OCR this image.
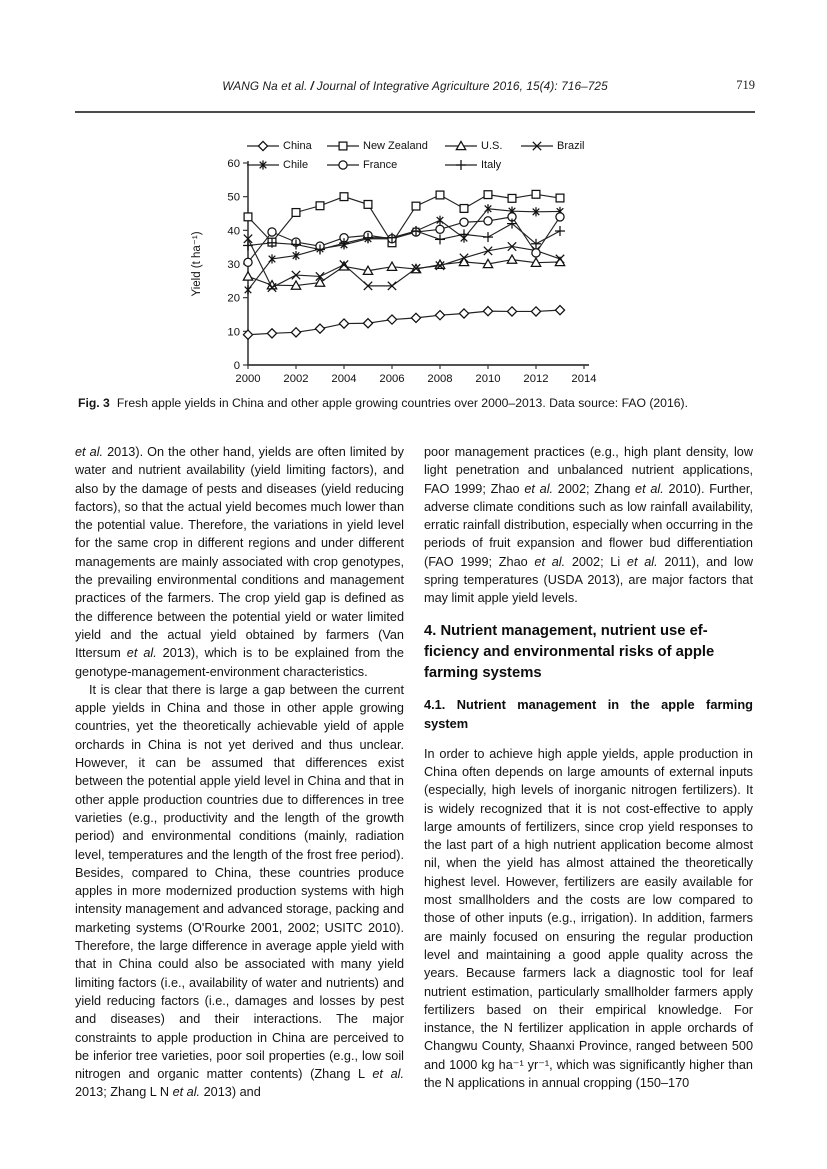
WANG Na et al. / Journal of Integrative Agriculture 2016, 15(4): 716–725	719
0
10
20
30
40
50
60
2000 2002 2004 2006 2008 2010 2012 2014
Yield (t ha⁻¹)
China	New Zealand	U.S.	Brazil
Chile	France	Italy
Fig. 3 Fresh apple yields in China and other apple growing countries over 2000–2013. Data source: FAO (2016).

et al. 2013). On the other hand, yields are often limited by water and nutrient availability (yield limiting factors), and also by the damage of pests and diseases (yield reducing factors), so that the actual yield becomes much lower than the potential value. Therefore, the variations in yield level for the same crop in different regions and under different managements are mainly associated with crop genotypes, the prevailing environmental conditions and management practices of the farmers. The crop yield gap is defined as the difference between the potential yield or water limited yield and the actual yield obtained by farmers (Van Ittersum et al. 2013), which is to be explained from the genotype-management-environment characteristics.

It is clear that there is large a gap between the current apple yields in China and those in other apple growing countries, yet the theoretically achievable yield of apple orchards in China is not yet derived and thus unclear. However, it can be assumed that differences exist between the potential apple yield level in China and that in other apple production countries due to differences in tree varieties (e.g., productivity and the length of the growth period) and environmental conditions (mainly, radiation level, temperatures and the length of the frost free period). Besides, compared to China, these countries produce apples in more modernized production systems with high intensity management and advanced storage, packing and marketing systems (O'Rourke 2001, 2002; USITC 2010). Therefore, the large difference in average apple yield with that in China could also be associated with many yield limiting factors (i.e., availability of water and nutrients) and yield reducing factors (i.e., damages and losses by pest and diseases) and their interactions. The major constraints to apple production in China are perceived to be inferior tree varieties, poor soil properties (e.g., low soil nitrogen and organic matter contents) (Zhang L et al. 2013; Zhang L N et al. 2013) and

poor management practices (e.g., high plant density, low light penetration and unbalanced nutrient applications, FAO 1999; Zhao et al. 2002; Zhang et al. 2010). Further, adverse climate conditions such as low rainfall availability, erratic rainfall distribution, especially when occurring in the periods of fruit expansion and flower bud differentiation (FAO 1999; Zhao et al. 2002; Li et al. 2011), and low spring temperatures (USDA 2013), are major factors that may limit apple yield levels.

4. Nutrient management, nutrient use ef-
ficiency and environmental risks of apple
farming systems
4.1. Nutrient management in the apple farming system

In order to achieve high apple yields, apple production in China often depends on large amounts of external inputs (especially, high levels of inorganic nitrogen fertilizers). It is widely recognized that it is not cost-effective to apply large amounts of fertilizers, since crop yield responses to the last part of a high nutrient application become almost nil, when the yield has almost attained the theoretically highest level. However, fertilizers are easily available for most smallholders and the costs are low compared to those of other inputs (e.g., irrigation). In addition, farmers are mainly focused on ensuring the regular production level and maintaining a good apple quality across the years. Because farmers lack a diagnostic tool for leaf nutrient estimation, particularly smallholder farmers apply fertilizers based on their empirical knowledge. For instance, the N fertilizer application in apple orchards of Changwu County, Shaanxi Province, ranged between 500 and 1000 kg ha⁻¹ yr⁻¹, which was significantly higher than the N applications in annual cropping (150–170
